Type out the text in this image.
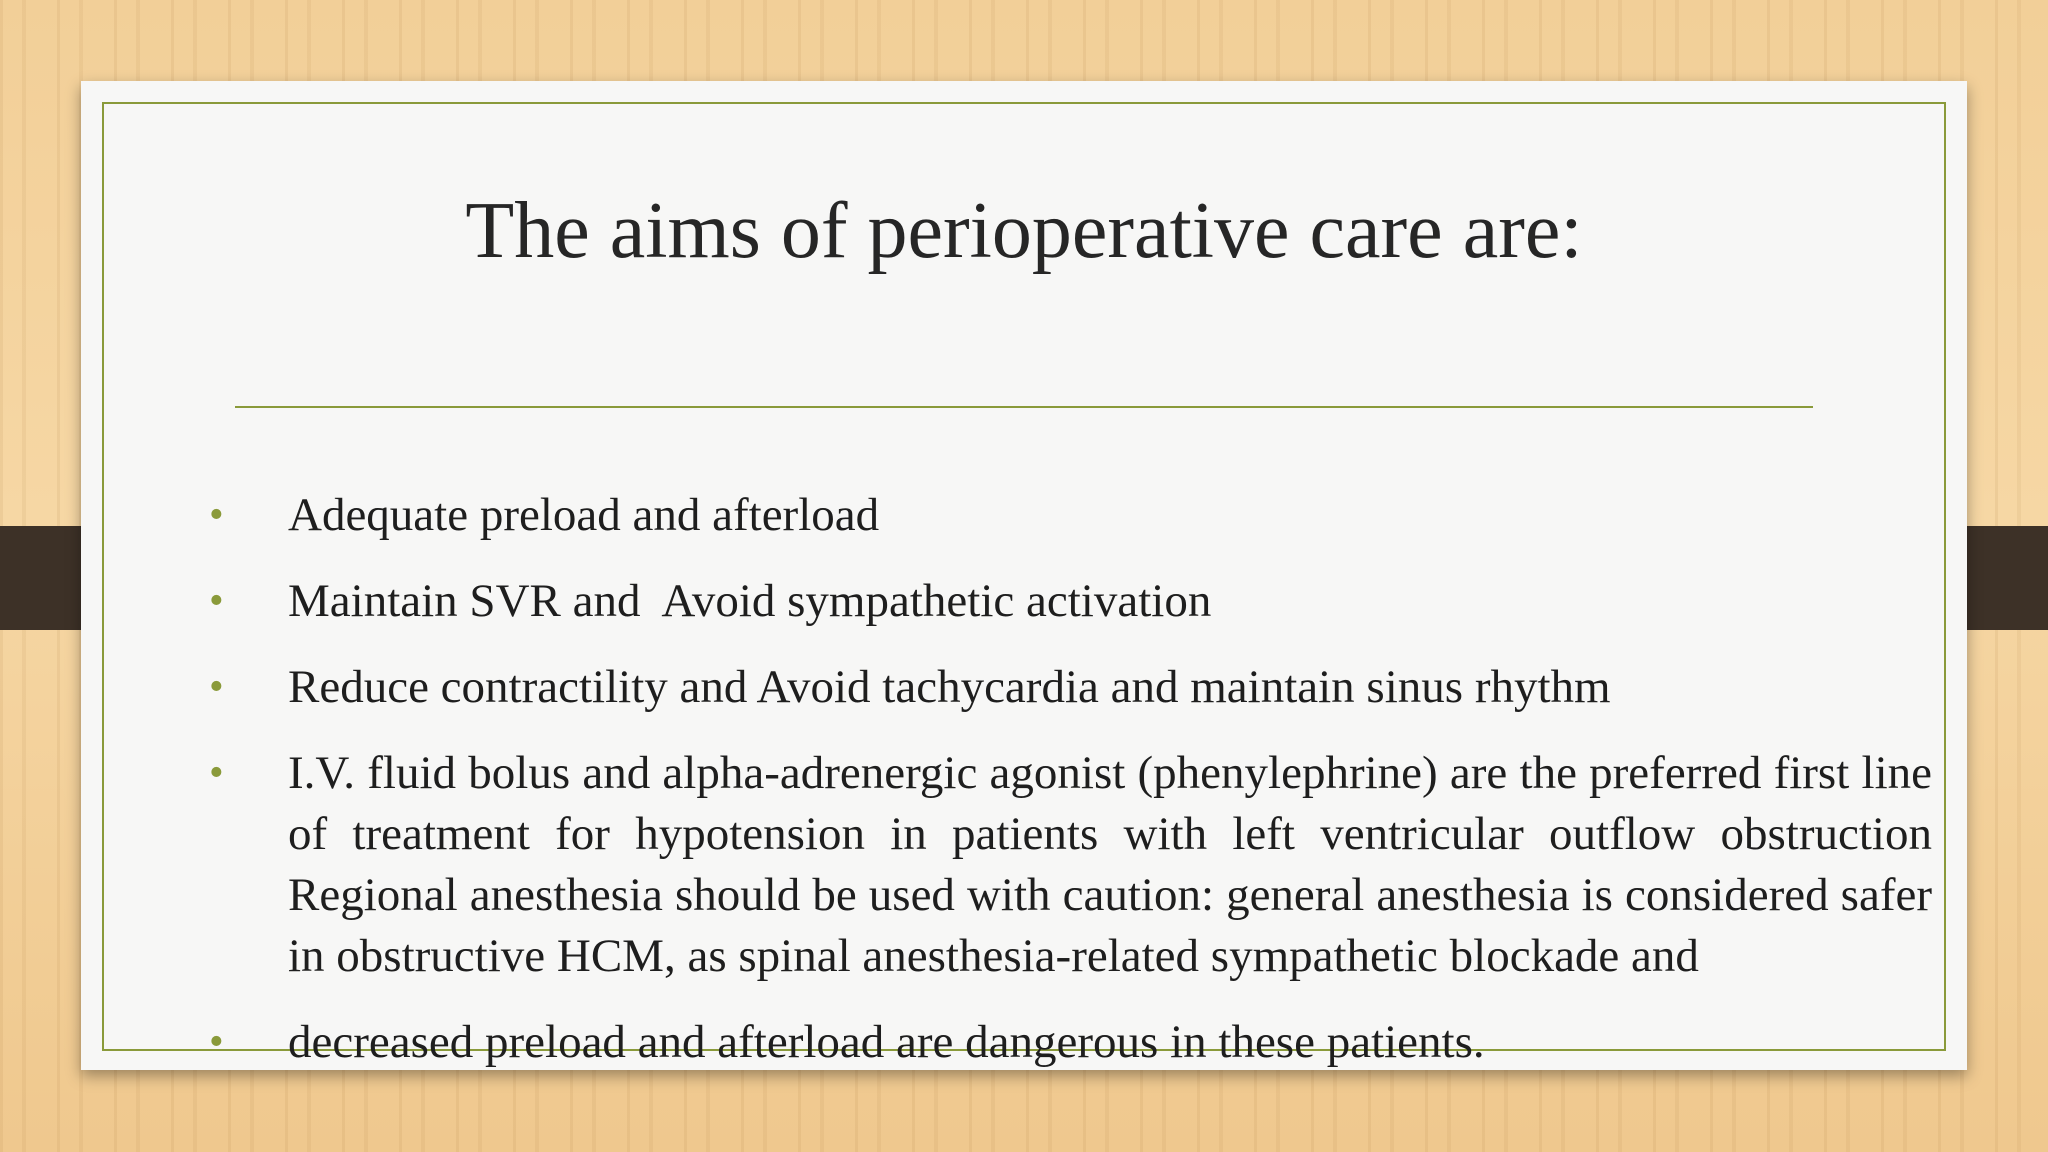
The aims of perioperative care are:
• Adequate preload and afterload
• Maintain SVR and  Avoid sympathetic activation
• Reduce contractility and Avoid tachycardia and maintain sinus rhythm
• I.V. fluid bolus and alpha-adrenergic agonist (phenylephrine) are the preferred first line of treatment for hypotension in patients with left ventricular outflow obstruction Regional anesthesia should be used with caution: general anesthesia is considered safer in obstructive HCM, as spinal anesthesia-related sympathetic blockade and
• decreased preload and afterload are dangerous in these patients.
